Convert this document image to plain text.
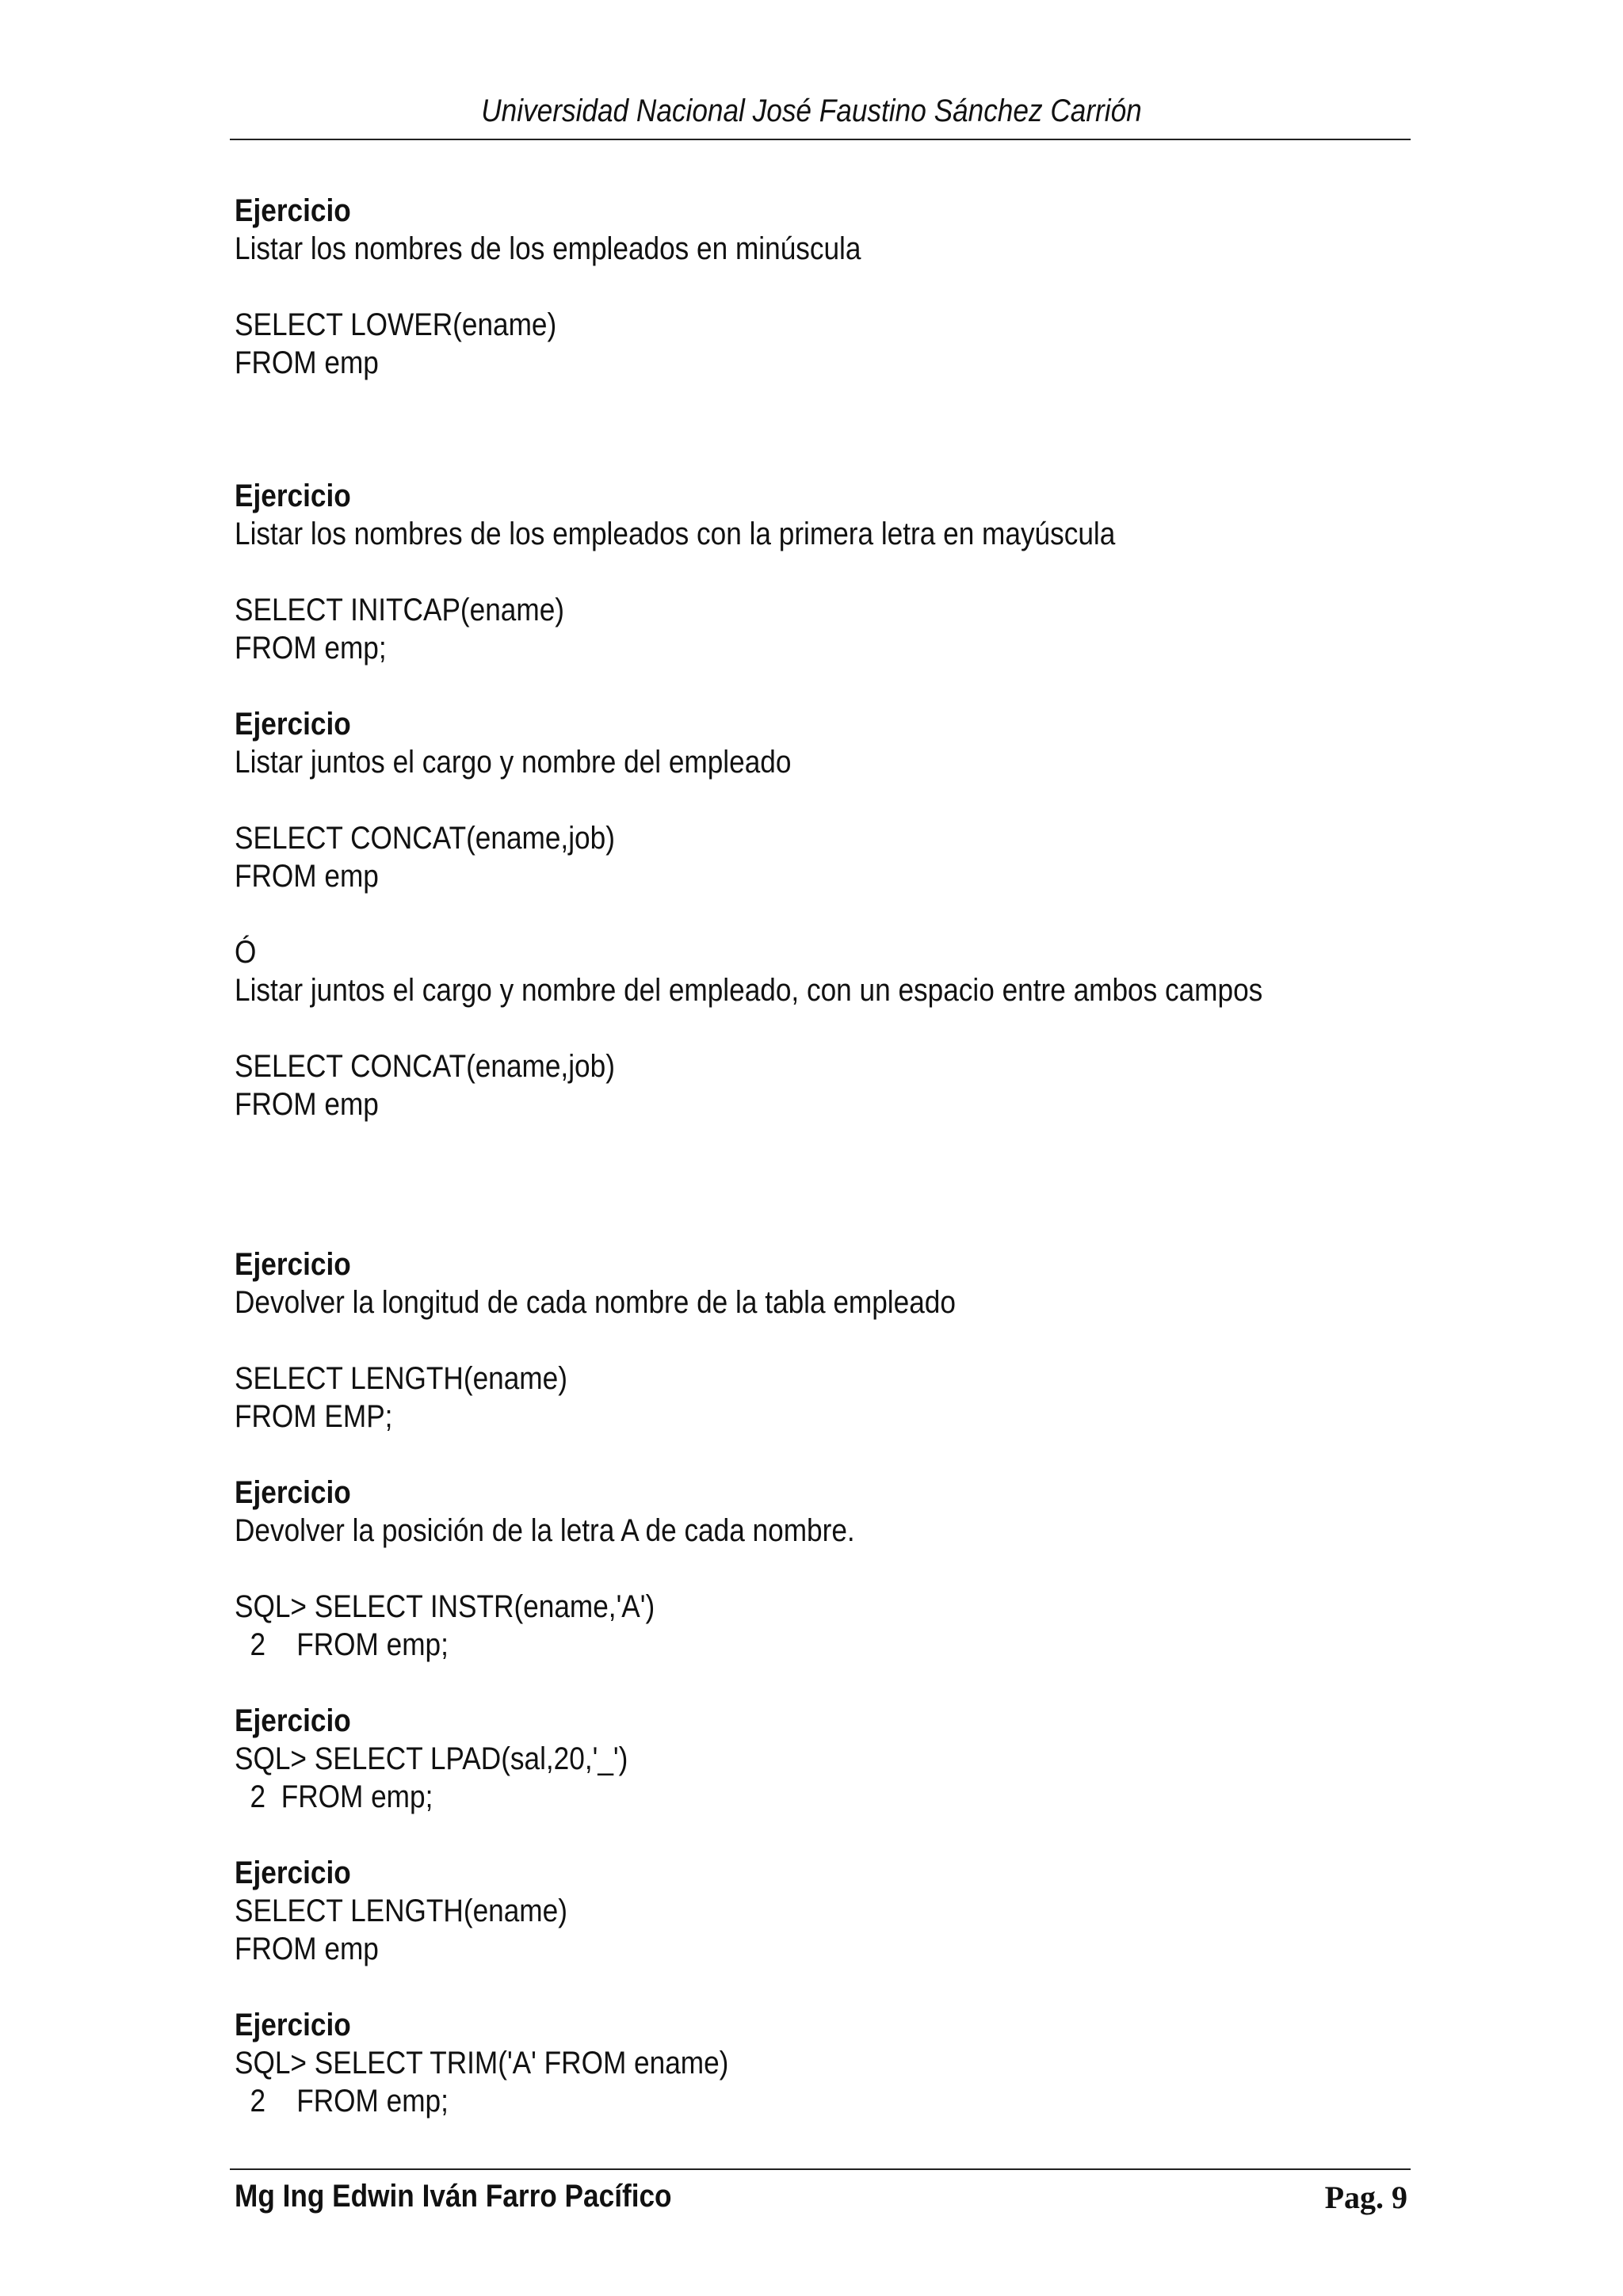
Universidad Nacional José Faustino Sánchez Carrión
Ejercicio
Listar los nombres de los empleados en minúscula
SELECT LOWER(ename)
FROM emp
Ejercicio
Listar los nombres de los empleados con la primera letra en mayúscula
SELECT INITCAP(ename)
FROM emp;
Ejercicio
Listar juntos el cargo y nombre del empleado
SELECT CONCAT(ename,job)
FROM emp
Ó
Listar juntos el cargo y nombre del empleado, con un espacio entre ambos campos
SELECT CONCAT(ename,job)
FROM emp
Ejercicio
Devolver la longitud de cada nombre de la tabla empleado
SELECT LENGTH(ename)
FROM EMP;
Ejercicio
Devolver la posición de la letra A de cada nombre.
SQL> SELECT INSTR(ename,'A')
2    FROM emp;
Ejercicio
SQL> SELECT LPAD(sal,20,'_')
2  FROM emp;
Ejercicio
SELECT LENGTH(ename)
FROM emp
Ejercicio
SQL> SELECT TRIM('A' FROM ename)
2    FROM emp;
Mg Ing Edwin Iván Farro Pacífico	Pag. 9
